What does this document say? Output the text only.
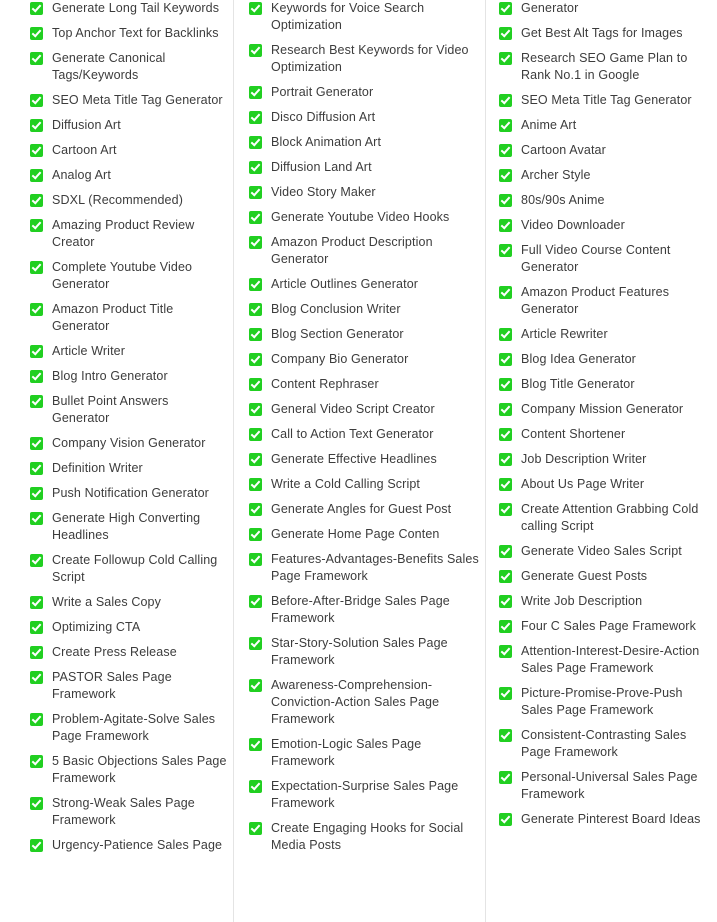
Generate Long Tail Keywords
Top Anchor Text for Backlinks
Generate Canonical Tags/Keywords
SEO Meta Title Tag Generator
Diffusion Art
Cartoon Art
Analog Art
SDXL (Recommended)
Amazing Product Review Creator
Complete Youtube Video Generator
Amazon Product Title Generator
Article Writer
Blog Intro Generator
Bullet Point Answers Generator
Company Vision Generator
Definition Writer
Push Notification Generator
Generate High Converting Headlines
Create Followup Cold Calling Script
Write a Sales Copy
Optimizing CTA
Create Press Release
PASTOR Sales Page Framework
Problem-Agitate-Solve Sales Page Framework
5 Basic Objections Sales Page Framework
Strong-Weak Sales Page Framework
Urgency-Patience Sales Page
Keywords for Voice Search Optimization
Research Best Keywords for Video Optimization
Portrait Generator
Disco Diffusion Art
Block Animation Art
Diffusion Land Art
Video Story Maker
Generate Youtube Video Hooks
Amazon Product Description Generator
Article Outlines Generator
Blog Conclusion Writer
Blog Section Generator
Company Bio Generator
Content Rephraser
General Video Script Creator
Call to Action Text Generator
Generate Effective Headlines
Write a Cold Calling Script
Generate Angles for Guest Post
Generate Home Page Conten
Features-Advantages-Benefits Sales Page Framework
Before-After-Bridge Sales Page Framework
Star-Story-Solution Sales Page Framework
Awareness-Comprehension-Conviction-Action Sales Page Framework
Emotion-Logic Sales Page Framework
Expectation-Surprise Sales Page Framework
Create Engaging Hooks for Social Media Posts
Generator
Get Best Alt Tags for Images
Research SEO Game Plan to Rank No.1 in Google
SEO Meta Title Tag Generator
Anime Art
Cartoon Avatar
Archer Style
80s/90s Anime
Video Downloader
Full Video Course Content Generator
Amazon Product Features Generator
Article Rewriter
Blog Idea Generator
Blog Title Generator
Company Mission Generator
Content Shortener
Job Description Writer
About Us Page Writer
Create Attention Grabbing Cold calling Script
Generate Video Sales Script
Generate Guest Posts
Write Job Description
Four C Sales Page Framework
Attention-Interest-Desire-Action Sales Page Framework
Picture-Promise-Prove-Push Sales Page Framework
Consistent-Contrasting Sales Page Framework
Personal-Universal Sales Page Framework
Generate Pinterest Board Ideas
